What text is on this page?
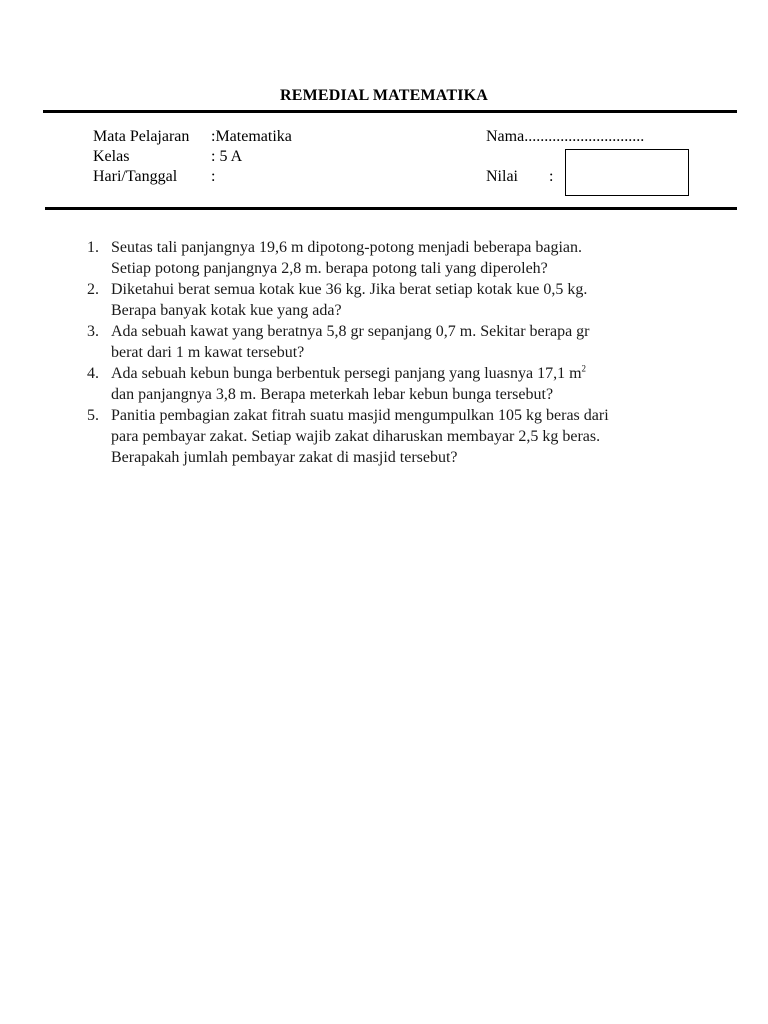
REMEDIAL MATEMATIKA
Mata Pelajaran :Matematika
Kelas	: 5 A
Hari/Tanggal :
Nama..............................
Nilai :
1. Seutas tali panjangnya 19,6 m dipotong-potong menjadi beberapa bagian.
Setiap potong panjangnya 2,8 m. berapa potong tali yang diperoleh?
2. Diketahui berat semua kotak kue 36 kg. Jika berat setiap kotak kue 0,5 kg.
Berapa banyak kotak kue yang ada?
3. Ada sebuah kawat yang beratnya 5,8 gr sepanjang 0,7 m. Sekitar berapa gr
berat dari 1 m kawat tersebut?
4. Ada sebuah kebun bunga berbentuk persegi panjang yang luasnya 17,1 $m^2$
dan panjangnya 3,8 m. Berapa meterkah lebar kebun bunga tersebut?
5. Panitia pembagian zakat fitrah suatu masjid mengumpulkan 105 kg beras dari
para pembayar zakat. Setiap wajib zakat diharuskan membayar 2,5 kg beras.
Berapakah jumlah pembayar zakat di masjid tersebut?
